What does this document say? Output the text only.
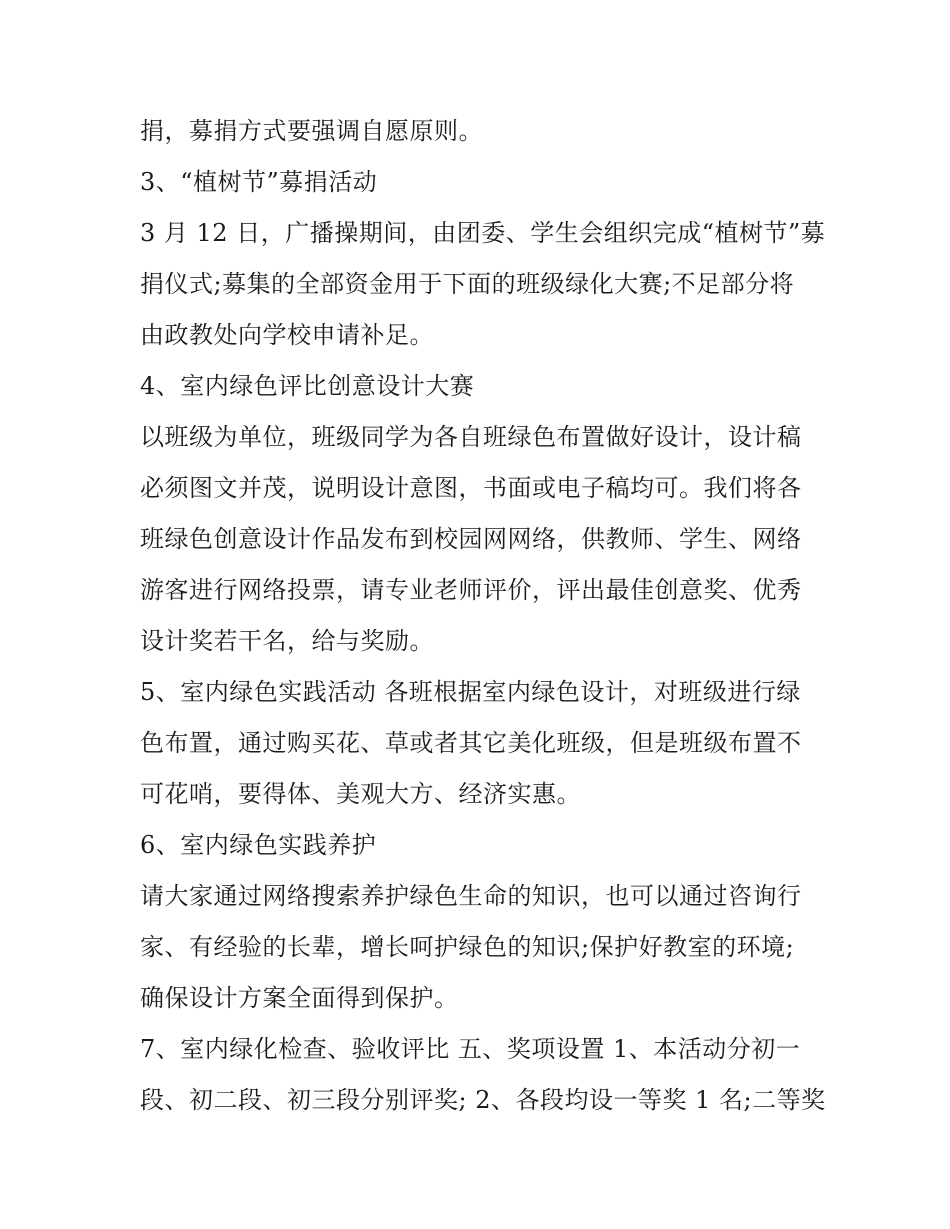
捐，募捐方式要强调自愿原则。
3、“植树节”募捐活动
3 月 12 日，广播操期间，由团委、学生会组织完成“植树节”募
捐仪式;募集的全部资金用于下面的班级绿化大赛;不足部分将
由政教处向学校申请补足。
4、室内绿色评比创意设计大赛
以班级为单位，班级同学为各自班绿色布置做好设计，设计稿
必须图文并茂，说明设计意图，书面或电子稿均可。我们将各
班绿色创意设计作品发布到校园网网络，供教师、学生、网络
游客进行网络投票，请专业老师评价，评出最佳创意奖、优秀
设计奖若干名，给与奖励。
5、室内绿色实践活动 各班根据室内绿色设计，对班级进行绿
色布置，通过购买花、草或者其它美化班级，但是班级布置不
可花哨，要得体、美观大方、经济实惠。
6、室内绿色实践养护
请大家通过网络搜索养护绿色生命的知识，也可以通过咨询行
家、有经验的长辈，增长呵护绿色的知识;保护好教室的环境;
确保设计方案全面得到保护。
7、室内绿化检查、验收评比 五、奖项设置 1、本活动分初一
段、初二段、初三段分别评奖; 2、各段均设一等奖 1 名;二等奖
